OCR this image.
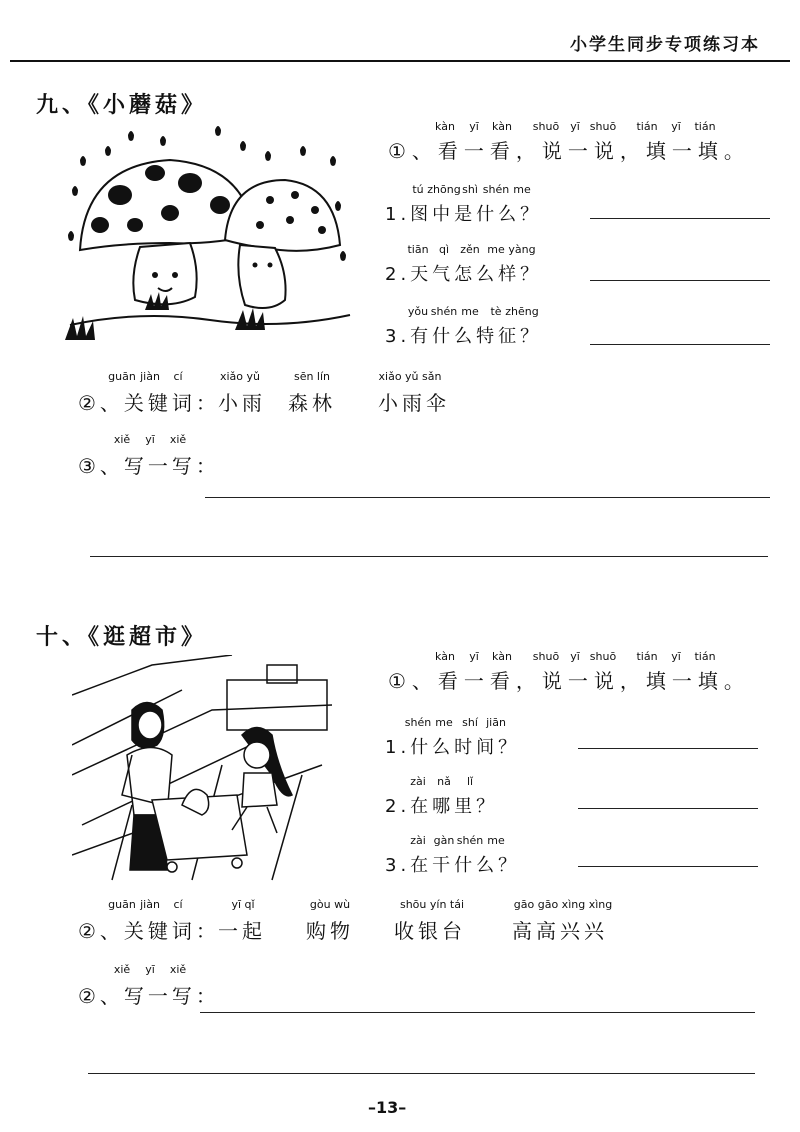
小学生同步专项练习本
九、《小蘑菇》
kàn yī kàn shuō yī shuō tián yī tián
①、看一看，说一说，填一填。
1.图中是什么？
2.天气怎么样？
3.有什么特征？
tú zhōng shì shén me
tiān qì zěn me yàng
yǒu shén me tè zhēng
②、关键词：
xiǎo yǔ
小雨
sēn lín
森林
xiǎo yǔ sǎn
小雨伞
guān jiàn cí
③、写一写：
xiě yī xiě
十、《逛超市》
kàn yī kàn shuō yī shuō tián yī tián
①、看一看，说一说，填一填。
1.什么时间？
2.在哪里？
3.在干什么？
shén me shí jiān
zài nǎ lǐ
zài gàn shén me
②、关键词：
yī qǐ
一起
gòu wù
购物
shōu yín tái
收银台
gāo gāo xìng xìng
高高兴兴
guān jiàn cí
②、写一写：
xiě yī xiě
–13–
